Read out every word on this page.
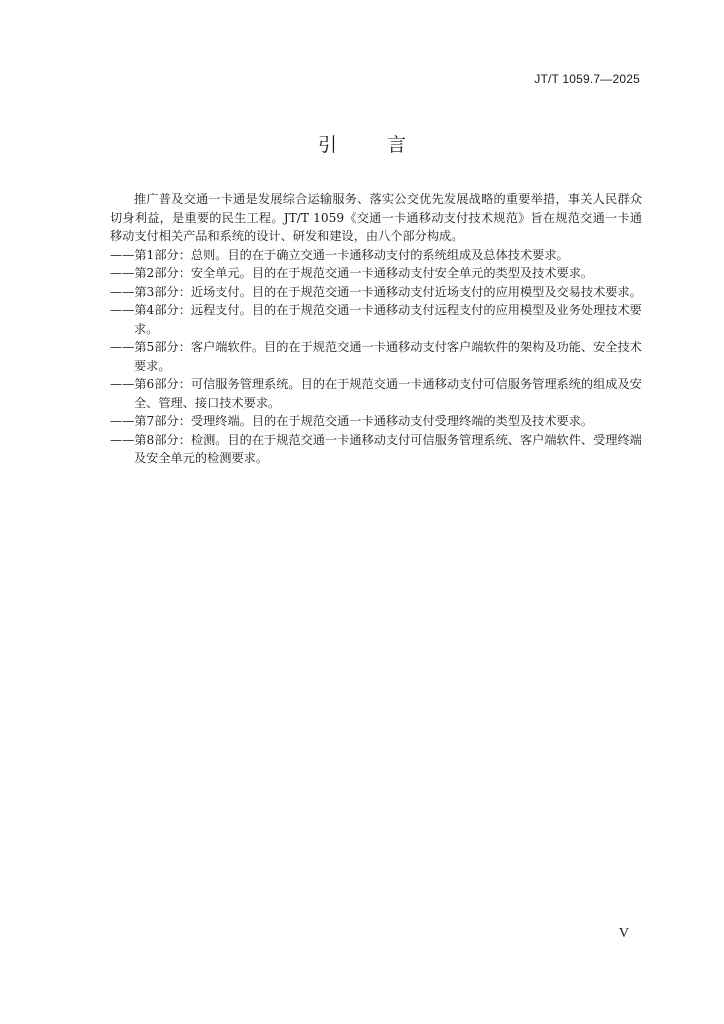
JT/T 1059.7—2025
引	言

推广普及交通一卡通是发展综合运输服务、落实公交优先发展战略的重要举措，事关人民群众切身利益，是重要的民生工程。JT/T 1059《交通一卡通移动支付技术规范》旨在规范交通一卡通移动支付相关产品和系统的设计、研发和建设，由八个部分构成。

——第1部分：总则。目的在于确立交通一卡通移动支付的系统组成及总体技术要求。
——第2部分：安全单元。目的在于规范交通一卡通移动支付安全单元的类型及技术要求。
——第3部分：近场支付。目的在于规范交通一卡通移动支付近场支付的应用模型及交易技术要求。
——第4部分：远程支付。目的在于规范交通一卡通移动支付远程支付的应用模型及业务处理技术要求。
——第5部分：客户端软件。目的在于规范交通一卡通移动支付客户端软件的架构及功能、安全技术要求。
——第6部分：可信服务管理系统。目的在于规范交通一卡通移动支付可信服务管理系统的组成及安全、管理、接口技术要求。
——第7部分：受理终端。目的在于规范交通一卡通移动支付受理终端的类型及技术要求。
——第8部分：检测。目的在于规范交通一卡通移动支付可信服务管理系统、客户端软件、受理终端及安全单元的检测要求。
V
